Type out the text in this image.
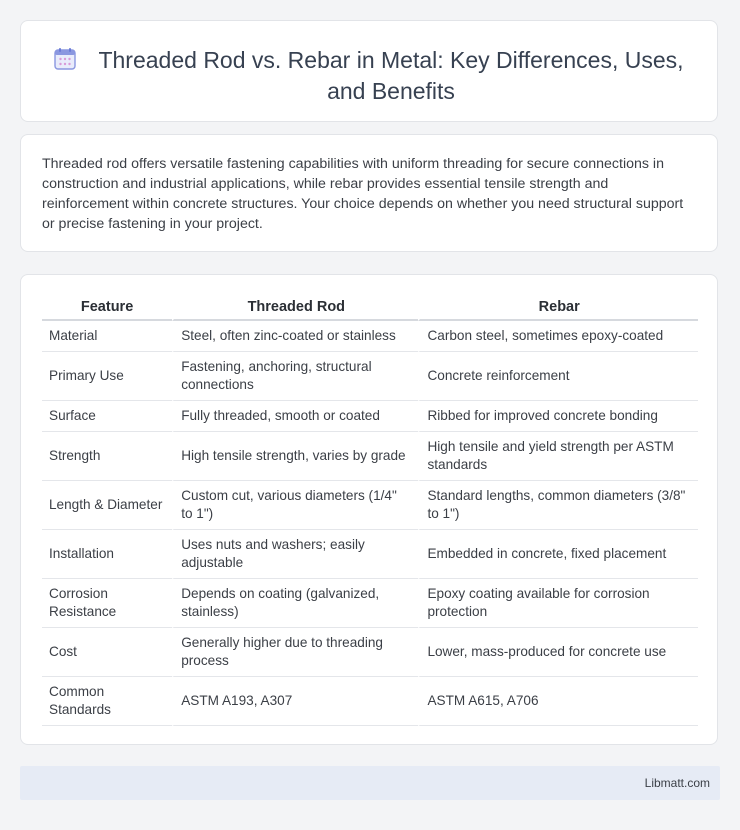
Threaded Rod vs. Rebar in Metal: Key Differences, Uses, and Benefits

Threaded rod offers versatile fastening capabilities with uniform threading for secure connections in construction and industrial applications, while rebar provides essential tensile strength and reinforcement within concrete structures. Your choice depends on whether you need structural support or precise fastening in your project.

Feature	Threaded Rod	Rebar
Material	Steel, often zinc-coated or stainless	Carbon steel, sometimes epoxy-coated
Primary Use	Fastening, anchoring, structural connections	Concrete reinforcement
Surface	Fully threaded, smooth or coated	Ribbed for improved concrete bonding
Strength	High tensile strength, varies by grade	High tensile and yield strength per ASTM standards
Length & Diameter	Custom cut, various diameters (1/4" to 1")	Standard lengths, common diameters (3/8" to 1")
Installation	Uses nuts and washers; easily adjustable	Embedded in concrete, fixed placement
Corrosion Resistance	Depends on coating (galvanized, stainless)	Epoxy coating available for corrosion protection
Cost	Generally higher due to threading process	Lower, mass-produced for concrete use
Common Standards	ASTM A193, A307	ASTM A615, A706
Libmatt.com
